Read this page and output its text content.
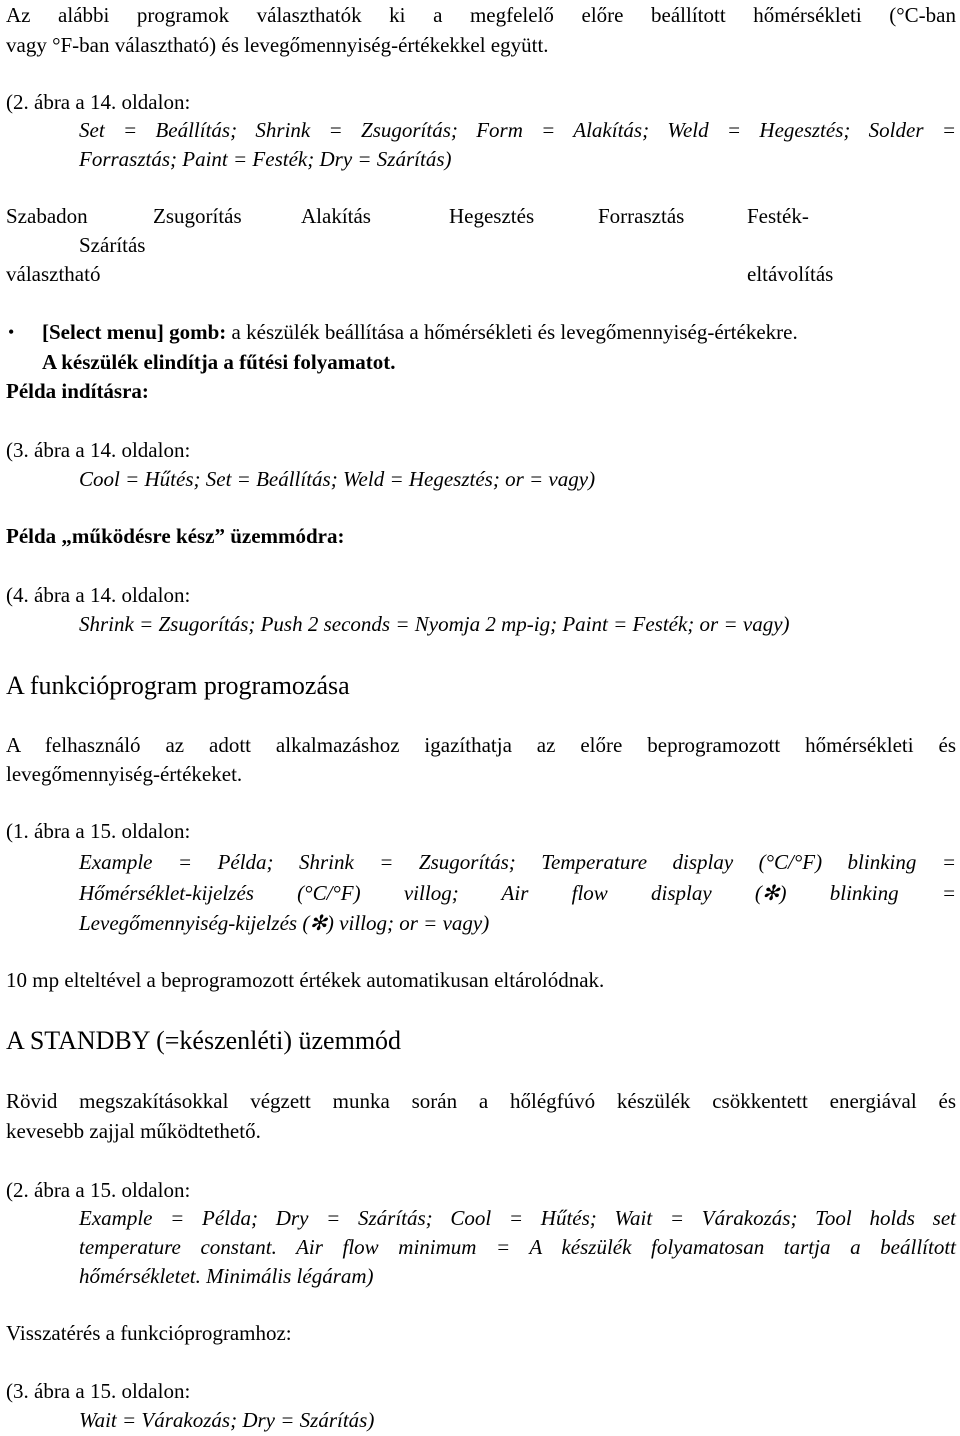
Az alábbi programok választhatók ki a megfelelő előre beállított hőmérsékleti (°C-ban
vagy °F-ban választható) és levegőmennyiség-értékekkel együtt.
(2. ábra a 14. oldalon:
Set = Beállítás; Shrink = Zsugorítás; Form = Alakítás; Weld = Hegesztés; Solder =
Forrasztás; Paint = Festék; Dry = Szárítás)
Szabadon	Zsugorítás	Alakítás	Hegesztés	Forrasztás	Festék-
Szárítás
választható	eltávolítás
• [Select menu] gomb: a készülék beállítása a hőmérsékleti és levegőmennyiség-értékekre.
A készülék elindítja a fűtési folyamatot.
Példa indításra:
(3. ábra a 14. oldalon:
Cool = Hűtés; Set = Beállítás; Weld = Hegesztés; or = vagy)
Példa „működésre kész” üzemmódra:
(4. ábra a 14. oldalon:
Shrink = Zsugorítás; Push 2 seconds = Nyomja 2 mp-ig; Paint = Festék; or = vagy)
A funkcióprogram programozása
A felhasználó az adott alkalmazáshoz igazíthatja az előre beprogramozott hőmérsékleti és
levegőmennyiség-értékeket.
(1. ábra a 15. oldalon:
Example = Példa; Shrink = Zsugorítás; Temperature display (°C/°F) blinking =
Hőmérséklet-kijelzés (°C/°F) villog; Air flow display (✻) blinking =
Levegőmennyiség-kijelzés (✻) villog; or = vagy)
10 mp elteltével a beprogramozott értékek automatikusan eltárolódnak.
A STANDBY (=készenléti) üzemmód
Rövid megszakításokkal végzett munka során a hőlégfúvó készülék csökkentett energiával és
kevesebb zajjal működtethető.
(2. ábra a 15. oldalon:
Example = Példa; Dry = Szárítás; Cool = Hűtés; Wait = Várakozás; Tool holds set
temperature constant. Air flow minimum = A készülék folyamatosan tartja a beállított
hőmérsékletet. Minimális légáram)
Visszatérés a funkcióprogramhoz:
(3. ábra a 15. oldalon:
Wait = Várakozás; Dry = Szárítás)
